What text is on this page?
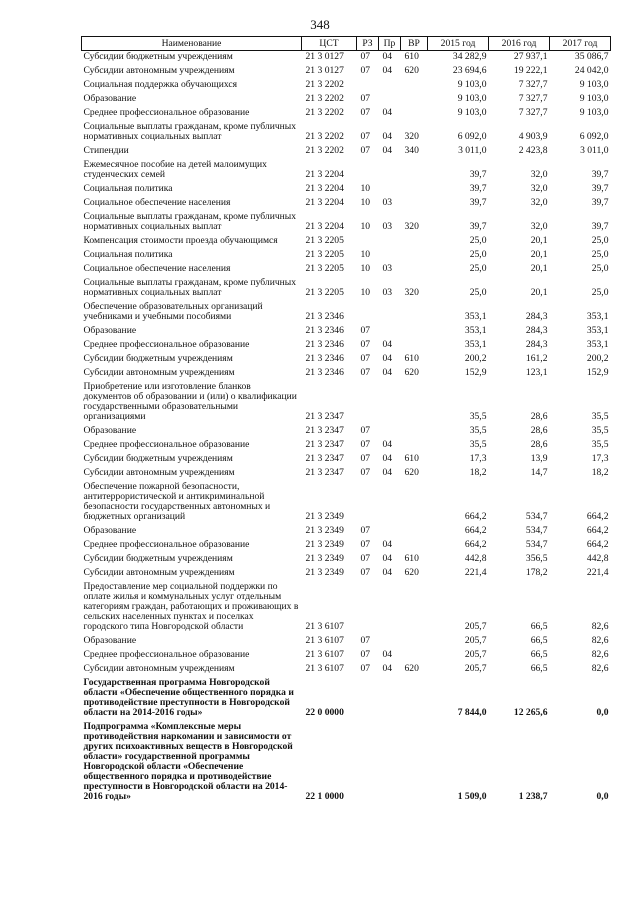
348
Наименование	ЦСТ	РЗ	Пр	ВР	2015 год	2016 год	2017 год
Субсидии бюджетным учреждениям	21 3 0127	07	04	610	34 282,9	27 937,1	35 086,7
Субсидии автономным учреждениям	21 3 0127	07	04	620	23 694,6	19 222,1	24 042,0
Социальная поддержка обучающихся	21 3 2202				9 103,0	7 327,7	9 103,0
Образование	21 3 2202	07			9 103,0	7 327,7	9 103,0
Среднее профессиональное образование	21 3 2202	07	04		9 103,0	7 327,7	9 103,0
Социальные выплаты гражданам, кроме публичных нормативных социальных выплат	21 3 2202	07	04	320	6 092,0	4 903,9	6 092,0
Стипендии	21 3 2202	07	04	340	3 011,0	2 423,8	3 011,0
Ежемесячное пособие на детей малоимущих студенческих семей	21 3 2204				39,7	32,0	39,7
Социальная политика	21 3 2204	10			39,7	32,0	39,7
Социальное обеспечение населения	21 3 2204	10	03		39,7	32,0	39,7
Социальные выплаты гражданам, кроме публичных нормативных социальных выплат	21 3 2204	10	03	320	39,7	32,0	39,7
Компенсация стоимости проезда обучающимся	21 3 2205				25,0	20,1	25,0
Социальная политика	21 3 2205	10			25,0	20,1	25,0
Социальное обеспечение населения	21 3 2205	10	03		25,0	20,1	25,0
Социальные выплаты гражданам, кроме публичных нормативных социальных выплат	21 3 2205	10	03	320	25,0	20,1	25,0
Обеспечение образовательных организаций учебниками и учебными пособиями	21 3 2346				353,1	284,3	353,1
Образование	21 3 2346	07			353,1	284,3	353,1
Среднее профессиональное образование	21 3 2346	07	04		353,1	284,3	353,1
Субсидии бюджетным учреждениям	21 3 2346	07	04	610	200,2	161,2	200,2
Субсидии автономным учреждениям	21 3 2346	07	04	620	152,9	123,1	152,9
Приобретение или изготовление бланков документов об образовании и (или) о квалификации государственными образовательными организациями	21 3 2347				35,5	28,6	35,5
Образование	21 3 2347	07			35,5	28,6	35,5
Среднее профессиональное образование	21 3 2347	07	04		35,5	28,6	35,5
Субсидии бюджетным учреждениям	21 3 2347	07	04	610	17,3	13,9	17,3
Субсидии автономным учреждениям	21 3 2347	07	04	620	18,2	14,7	18,2
Обеспечение пожарной безопасности, антитеррористической и антикриминальной безопасности государственных автономных и бюджетных организаций	21 3 2349				664,2	534,7	664,2
Образование	21 3 2349	07			664,2	534,7	664,2
Среднее профессиональное образование	21 3 2349	07	04		664,2	534,7	664,2
Субсидии бюджетным учреждениям	21 3 2349	07	04	610	442,8	356,5	442,8
Субсидии автономным учреждениям	21 3 2349	07	04	620	221,4	178,2	221,4
Предоставление мер социальной поддержки по оплате жилья и коммунальных услуг отдельным категориям граждан, работающих и проживающих в сельских населенных пунктах и поселках городского типа Новгородской области	21 3 6107				205,7	66,5	82,6
Образование	21 3 6107	07			205,7	66,5	82,6
Среднее профессиональное образование	21 3 6107	07	04		205,7	66,5	82,6
Субсидии автономным учреждениям	21 3 6107	07	04	620	205,7	66,5	82,6
Государственная программа Новгородской области «Обеспечение общественного порядка и противодействие преступности в Новгородской области на 2014-2016 годы»	22 0 0000				7 844,0	12 265,6	0,0
Подпрограмма «Комплексные меры противодействия наркомании и зависимости от других психоактивных веществ в Новгородской области» государственной программы Новгородской области «Обеспечение общественного порядка и противодействие преступности в Новгородской области на 2014-2016 годы»	22 1 0000				1 509,0	1 238,7	0,0
